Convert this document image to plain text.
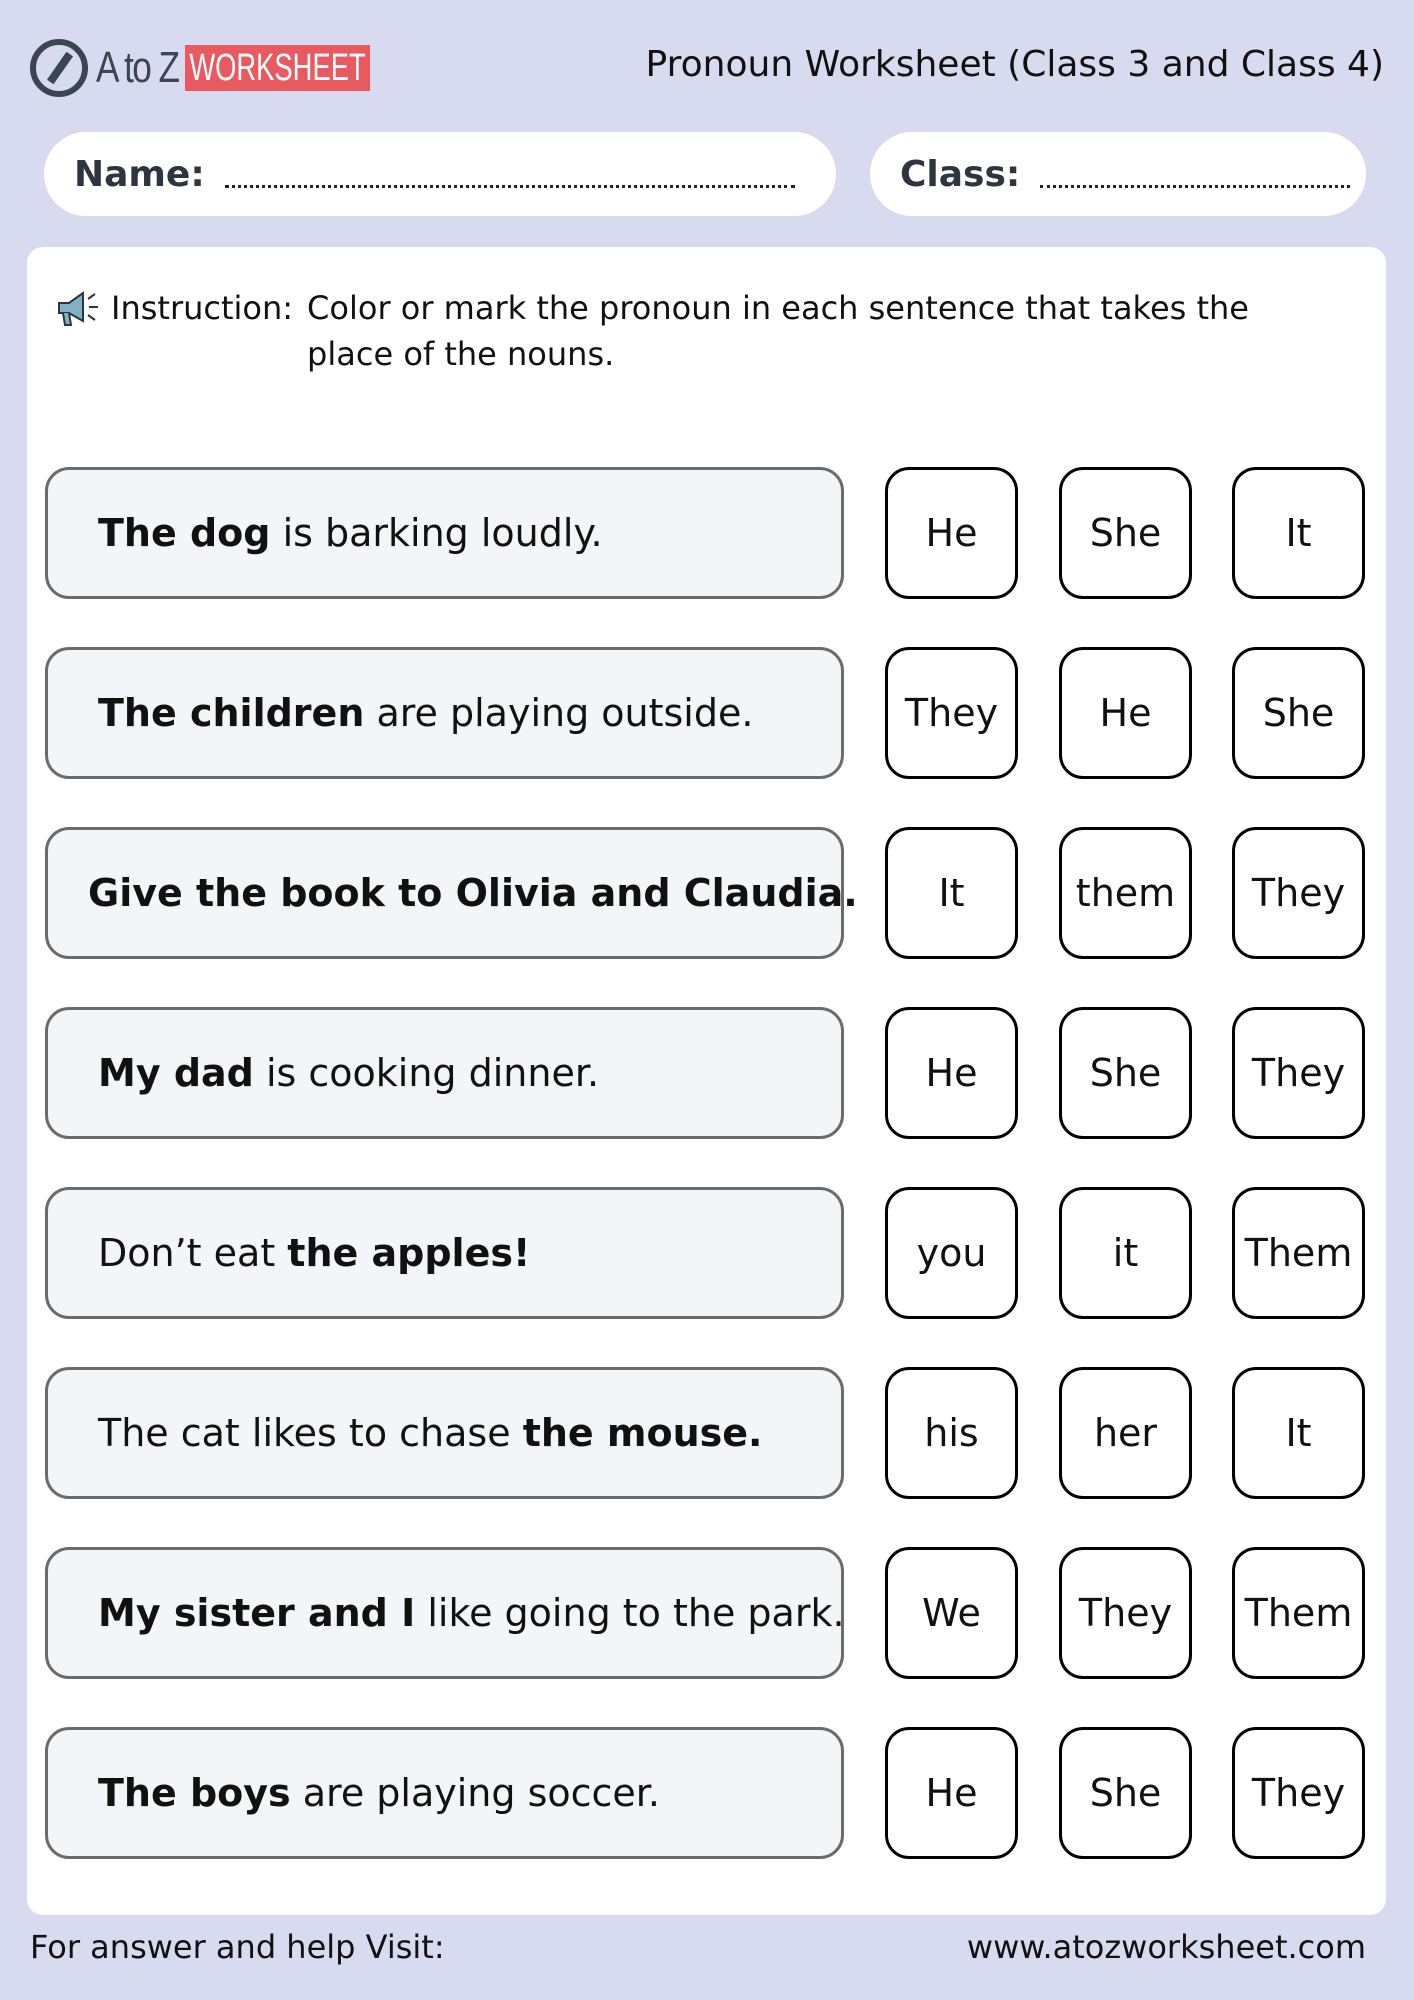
A to Z WORKSHEET	Pronoun Worksheet (Class 3 and Class 4)
Name:	Class:
Instruction: Color or mark the pronoun in each sentence that takes the place of the nouns.
The dog is barking loudly.	He	She	It
The children are playing outside.	They	He	She
Give the book to Olivia and Claudia.	It	them	They
My dad is cooking dinner.	He	She	They
Don’t eat the apples!	you	it	Them
The cat likes to chase the mouse.	his	her	It
My sister and I like going to the park.	We	They	Them
The boys are playing soccer.	He	She	They
For answer and help Visit:	www.atozworksheet.com
